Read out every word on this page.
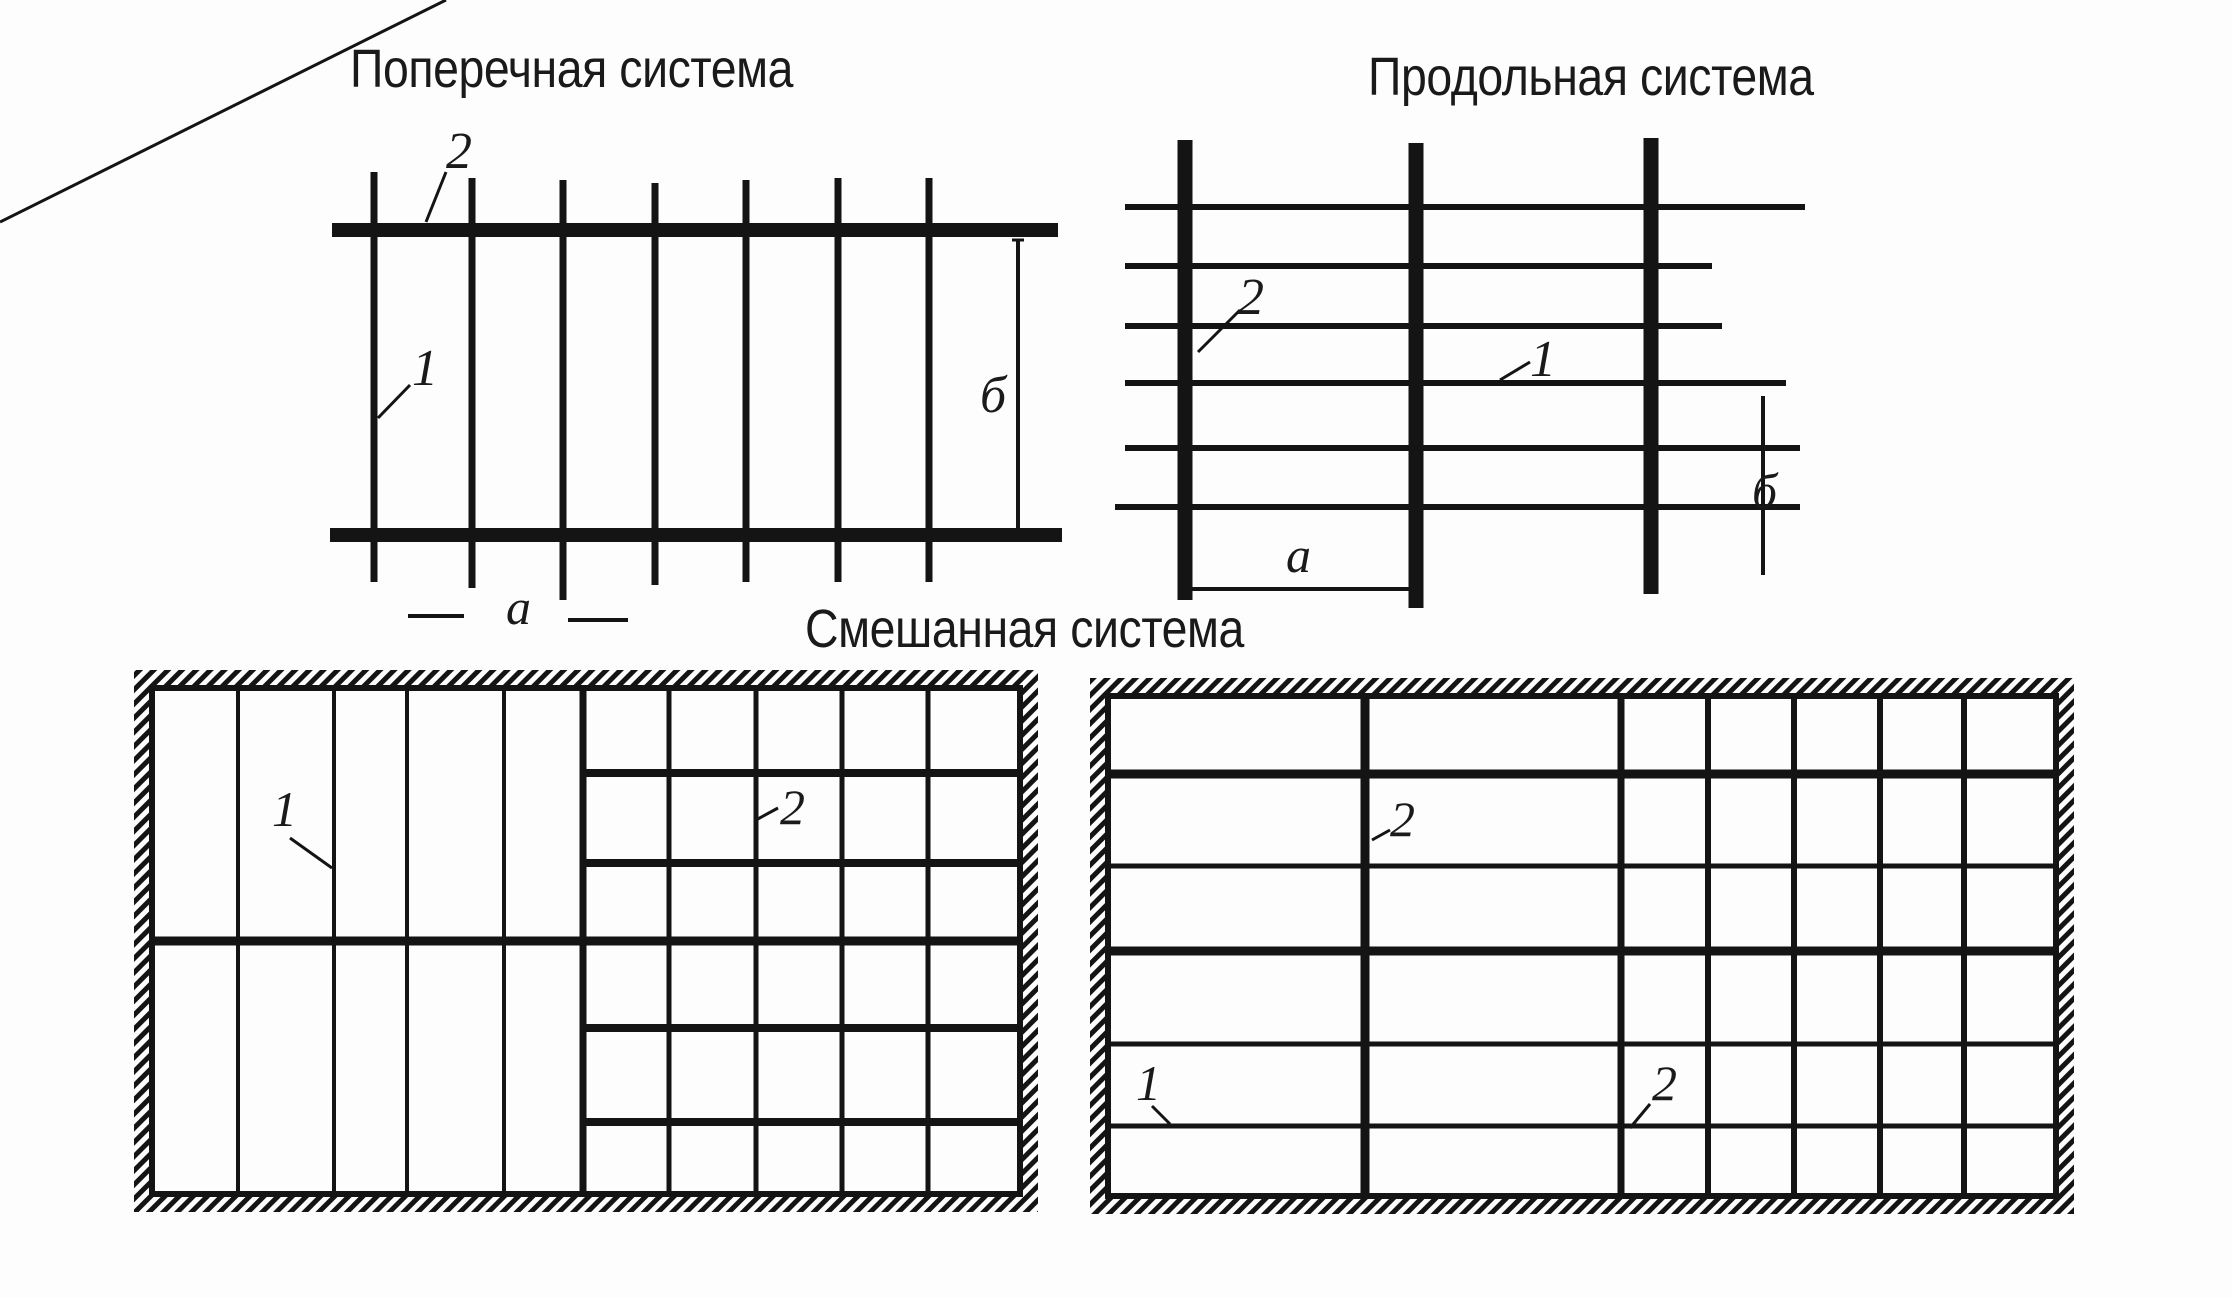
Поперечная система	Продольная система
Смешанная система
б
a
2
1
a
б
2
1
1	2	2
1	2
